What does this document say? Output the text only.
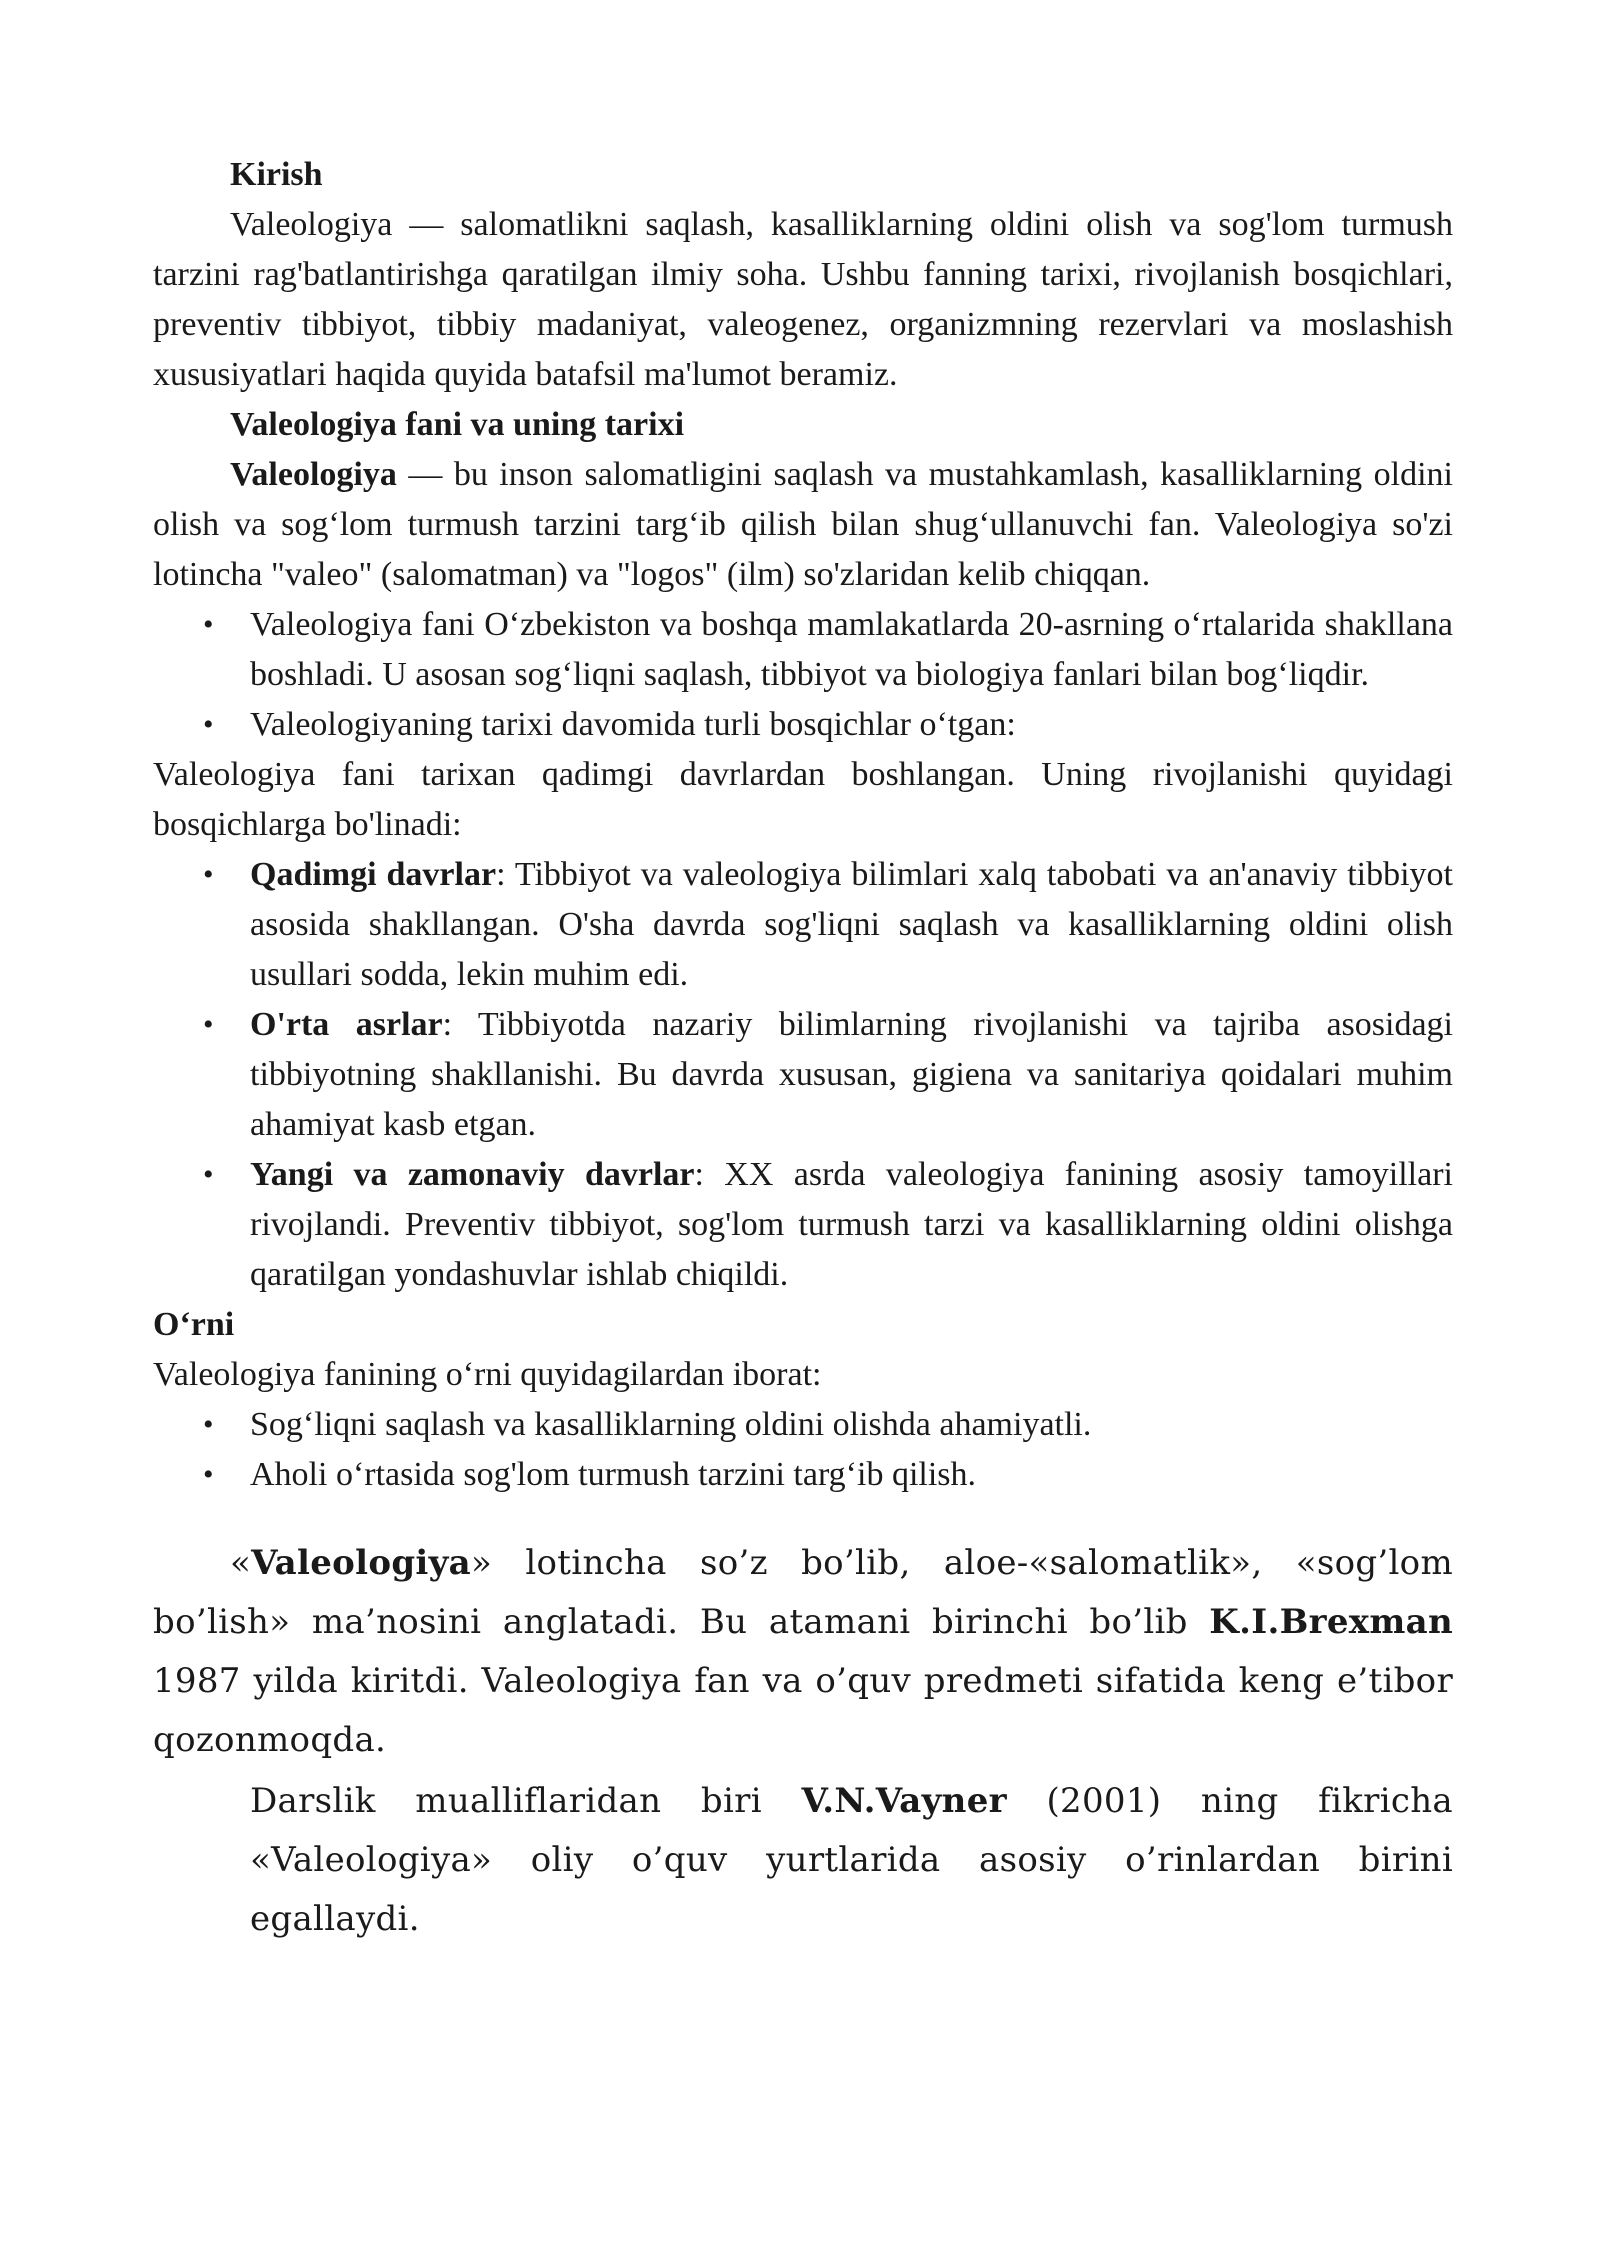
Kirish

Valeologiya — salomatlikni saqlash, kasalliklarning oldini olish va sog'lom turmush tarzini rag'batlantirishga qaratilgan ilmiy soha. Ushbu fanning tarixi, rivojlanish bosqichlari, preventiv tibbiyot, tibbiy madaniyat, valeogenez, organizmning rezervlari va moslashish xususiyatlari haqida quyida batafsil ma'lumot beramiz.

Valeologiya fani va uning tarixi

Valeologiya — bu inson salomatligini saqlash va mustahkamlash, kasalliklarning oldini olish va sog‘lom turmush tarzini targ‘ib qilish bilan shug‘ullanuvchi fan. Valeologiya so'zi lotincha "valeo" (salomatman) va "logos" (ilm) so'zlaridan kelib chiqqan.

• Valeologiya fani O‘zbekiston va boshqa mamlakatlarda 20-asrning o‘rtalarida shakllana boshladi. U asosan sog‘liqni saqlash, tibbiyot va biologiya fanlari bilan bog‘liqdir.
• Valeologiyaning tarixi davomida turli bosqichlar o‘tgan:

Valeologiya fani tarixan qadimgi davrlardan boshlangan. Uning rivojlanishi quyidagi bosqichlarga bo'linadi:

• Qadimgi davrlar: Tibbiyot va valeologiya bilimlari xalq tabobati va an'anaviy tibbiyot asosida shakllangan. O'sha davrda sog'liqni saqlash va kasalliklarning oldini olish usullari sodda, lekin muhim edi.
• O'rta asrlar: Tibbiyotda nazariy bilimlarning rivojlanishi va tajriba asosidagi tibbiyotning shakllanishi. Bu davrda xususan, gigiena va sanitariya qoidalari muhim ahamiyat kasb etgan.
• Yangi va zamonaviy davrlar: XX asrda valeologiya fanining asosiy tamoyillari rivojlandi. Preventiv tibbiyot, sog'lom turmush tarzi va kasalliklarning oldini olishga qaratilgan yondashuvlar ishlab chiqildi.

O‘rni

Valeologiya fanining o‘rni quyidagilardan iborat:

• Sog‘liqni saqlash va kasalliklarning oldini olishda ahamiyatli.
• Aholi o‘rtasida sog'lom turmush tarzini targ‘ib qilish.

«Valeologiya» lotincha so’z bo’lib, aloe-«salomatlik», «sog’lom bo’lish» ma’nosini anglatadi. Bu atamani birinchi bo’lib K.I.Brexman 1987 yilda kiritdi. Valeologiya fan va o’quv predmeti sifatida keng e’tibor qozonmoqda.

Darslik mualliflaridan biri V.N.Vayner (2001) ning fikricha «Valeologiya» oliy o’quv yurtlarida asosiy o’rinlardan birini egallaydi.
